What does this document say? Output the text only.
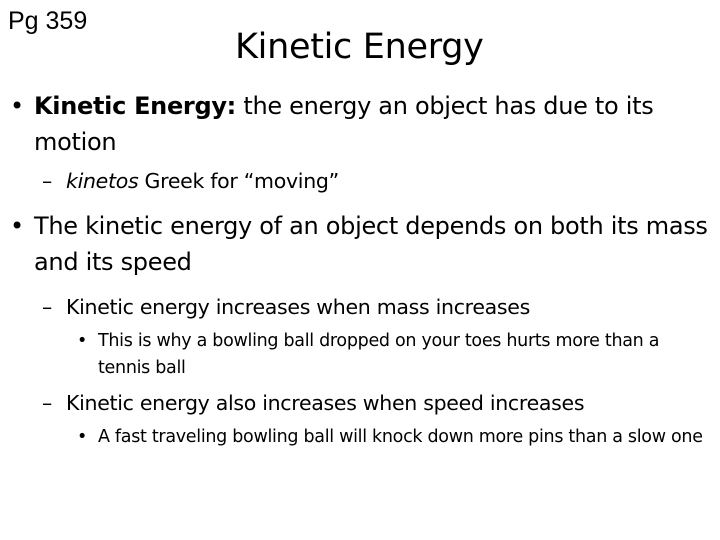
Pg 359
Kinetic Energy
• Kinetic Energy: the energy an object has due to its motion
– kinetos Greek for “moving”
• The kinetic energy of an object depends on both its mass and its speed
– Kinetic energy increases when mass increases
• This is why a bowling ball dropped on your toes hurts more than a tennis ball
– Kinetic energy also increases when speed increases
• A fast traveling bowling ball will knock down more pins than a slow one
